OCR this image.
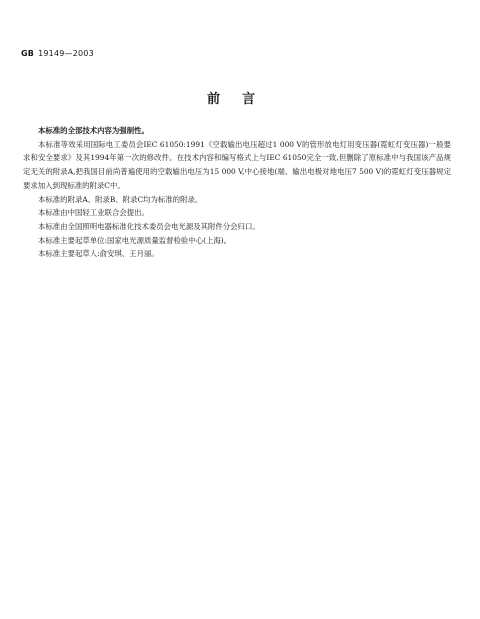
GB 19149—2003
前言

本标准的全部技术内容为强制性。

本标准等效采用国际电工委员会IEC 61050:1991《空载输出电压超过1 000 V的管形放电灯用变压器(霓虹灯变压器)一般要求和安全要求》及其1994年第一次的修改件。在技术内容和编写格式上与IEC 61050完全一致,但删除了原标准中与我国该产品规定无关的附录A,把我国目前尚普遍使用的空载输出电压为15 000 V,中心接地(端、输出电极对地电压7 500 V)的霓虹灯变压器规定要求加入到现标准的附录C中。

本标准的附录A、附录B、附录C均为标准的附录。

本标准由中国轻工业联合会提出。

本标准由全国照明电器标准化技术委员会电光源及其附件分会归口。

本标准主要起草单位:国家电光源质量监督检验中心(上海)。

本标准主要起草人:俞安琪、王月丽。
